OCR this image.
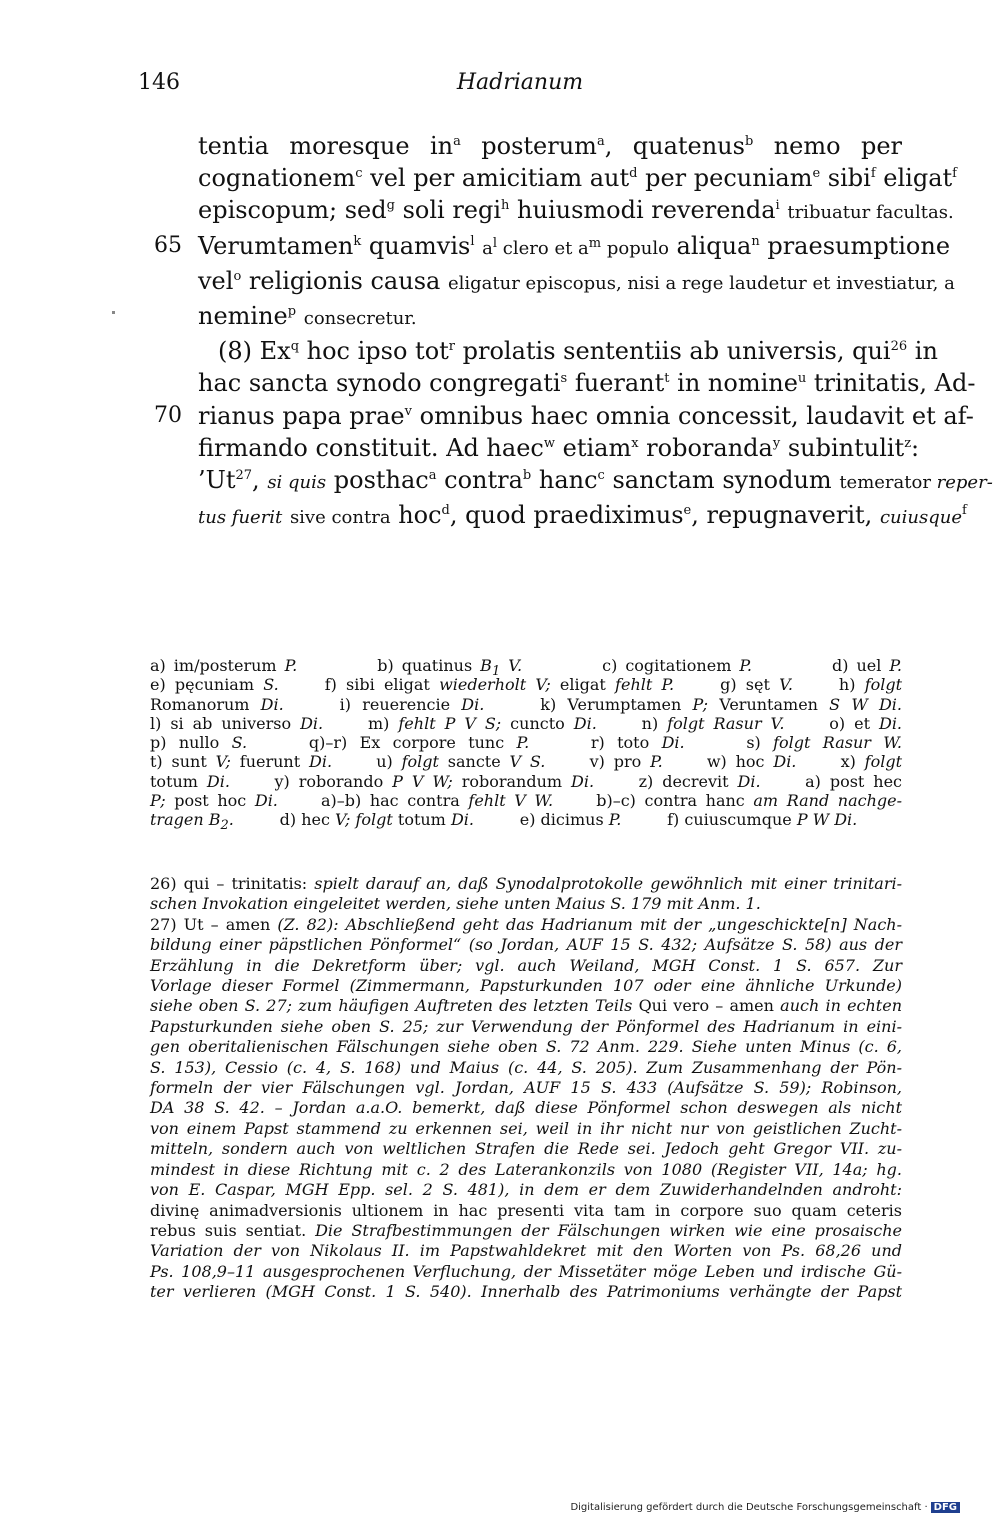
146	Hadrianum
tentia moresque $in^a$ posterum$^a$, quatenus$^b$ nemo per
cognationem$^c$ vel per amicitiam aut$^d$ per pecuniam$^e$ sibi$^f$ eligat$^f$
episcopum; sed$^g$ soli regi$^h$ huiusmodi reverenda$^i$ tribuatur facultas.
65 Verumtamen$^k$ quamvis$^l$ $a^l$ clero et $a^m$ populo aliqua$^n$ praesumptione
vel$^o$ religionis causa eligatur episcopus, nisi a rege laudetur et investiatur, a
nemine$^p$ consecretur.
(8) Ex$^q$ hoc ipso tot$^r$ prolatis sententiis ab universis, qui$^{26}$ in
hac sancta synodo congregati$^s$ fuerant$^t$ in nomine$^u$ trinitatis, Ad-
70 rianus papa prae$^v$ omnibus haec omnia concessit, laudavit et af-
firmando constituit. Ad haec$^w$ etiam$^x$ roboranda$^y$ subintulit$^z$:
’Ut$^{27}$, si quis posthac$^a$ contra$^b$ hanc$^c$ sanctam synodum temerator reper-
tus fuerit sive contra hoc$^d$, quod praediximus$^e$, repugnaverit, cuiusque$^f$
a) im/posterum P.          b) quatinus $B_1$ V.          c) cogitationem P.          d) uel P.
e) pęcuniam S.     f) sibi eligat wiederholt V; eligat fehlt P.     g) sęt V.     h) folgt
Romanorum Di.     i) reuerencie Di.     k) Verumptamen P; Veruntamen S W Di.
l) si ab universo Di.     m) fehlt P V S; cuncto Di.     n) folgt Rasur V.     o) et Di.
p) nullo S.     q)–r) Ex corpore tunc P.     r) toto Di.     s) folgt Rasur W.
t) sunt V; fuerunt Di.     u) folgt sancte V S.     v) pro P.     w) hoc Di.     x) folgt
totum Di.     y) roborando P V W; roborandum Di.     z) decrevit Di.     a) post hec
P; post hoc Di.     a)–b) hac contra fehlt V W.     b)–c) contra hanc am Rand nachge-
tragen $B_2$.         d) hec V; folgt totum Di.         e) dicimus P.         f) cuiuscumque P W Di.
26) qui – trinitatis: spielt darauf an, daß Synodalprotokolle gewöhnlich mit einer trinitari-
schen Invokation eingeleitet werden, siehe unten Maius S. 179 mit Anm. 1.
27) Ut – amen (Z. 82): Abschließend geht das Hadrianum mit der „ungeschickte[n] Nach-
bildung einer päpstlichen Pönformel“ (so Jordan, AUF 15 S. 432; Aufsätze S. 58) aus der
Erzählung in die Dekretform über; vgl. auch Weiland, MGH Const. 1 S. 657. Zur
Vorlage dieser Formel (Zimmermann, Papsturkunden 107 oder eine ähnliche Urkunde)
siehe oben S. 27; zum häufigen Auftreten des letzten Teils Qui vero – amen auch in echten
Papsturkunden siehe oben S. 25; zur Verwendung der Pönformel des Hadrianum in eini-
gen oberitalienischen Fälschungen siehe oben S. 72 Anm. 229. Siehe unten Minus (c. 6,
S. 153), Cessio (c. 4, S. 168) und Maius (c. 44, S. 205). Zum Zusammenhang der Pön-
formeln der vier Fälschungen vgl. Jordan, AUF 15 S. 433 (Aufsätze S. 59); Robinson,
DA 38 S. 42. – Jordan a.a.O. bemerkt, daß diese Pönformel schon deswegen als nicht
von einem Papst stammend zu erkennen sei, weil in ihr nicht nur von geistlichen Zucht-
mitteln, sondern auch von weltlichen Strafen die Rede sei. Jedoch geht Gregor VII. zu-
mindest in diese Richtung mit c. 2 des Laterankonzils von 1080 (Register VII, 14a; hg.
von E. Caspar, MGH Epp. sel. 2 S. 481), in dem er dem Zuwiderhandelnden androht:
divinę animadversionis ultionem in hac presenti vita tam in corpore suo quam ceteris
rebus suis sentiat. Die Strafbestimmungen der Fälschungen wirken wie eine prosaische
Variation der von Nikolaus II. im Papstwahldekret mit den Worten von Ps. 68,26 und
Ps. 108,9–11 ausgesprochenen Verfluchung, der Missetäter möge Leben und irdische Gü-
ter verlieren (MGH Const. 1 S. 540). Innerhalb des Patrimoniums verhängte der Papst
Digitalisierung gefördert durch die Deutsche Forschungsgemeinschaft · DFG
